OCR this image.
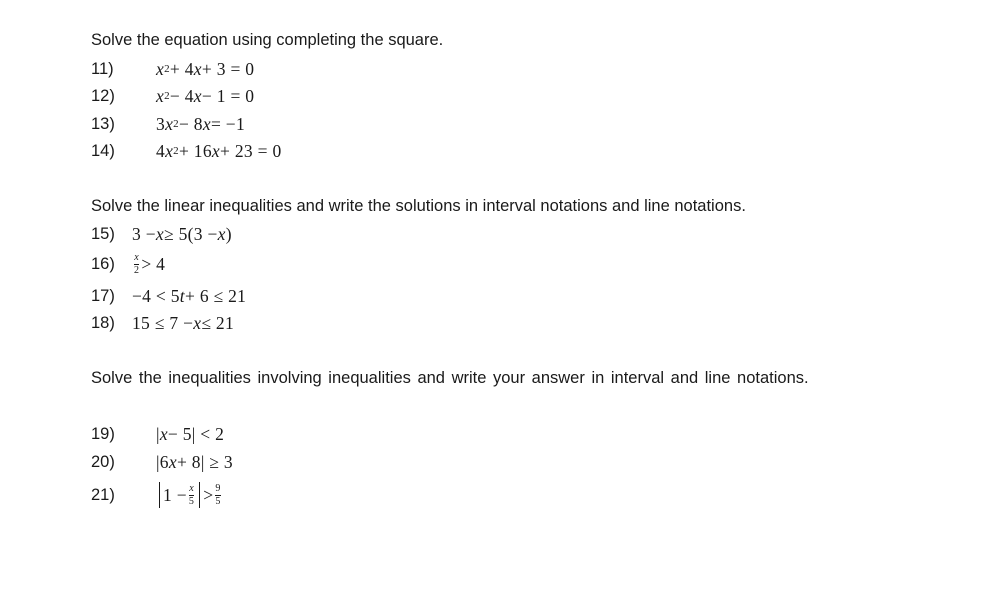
Solve the equation using completing the square.
11) x 2 + 4 x + 3 = 0
12) x 2 − 4 x − 1 = 0
13) 3 x 2 − 8 x = −1
14) 4 x 2 + 16 x + 23 = 0
Solve the linear inequalities and write the solutions in interval notations and line notations.
15) 3 − x ≥ 5(3 − x )
$16) \frac{x}{2} > 4$
17) −4 < 5 t + 6 ≤ 21
18) 15 ≤ 7 − x ≤ 21
Solve the inequalities involving inequalities and write your answer in interval and line notations.
19) | x − 5| < 2
20) |6 x + 8| ≥ 3
21)	$1 - \frac{x}{5} > \frac{9}{5}$
